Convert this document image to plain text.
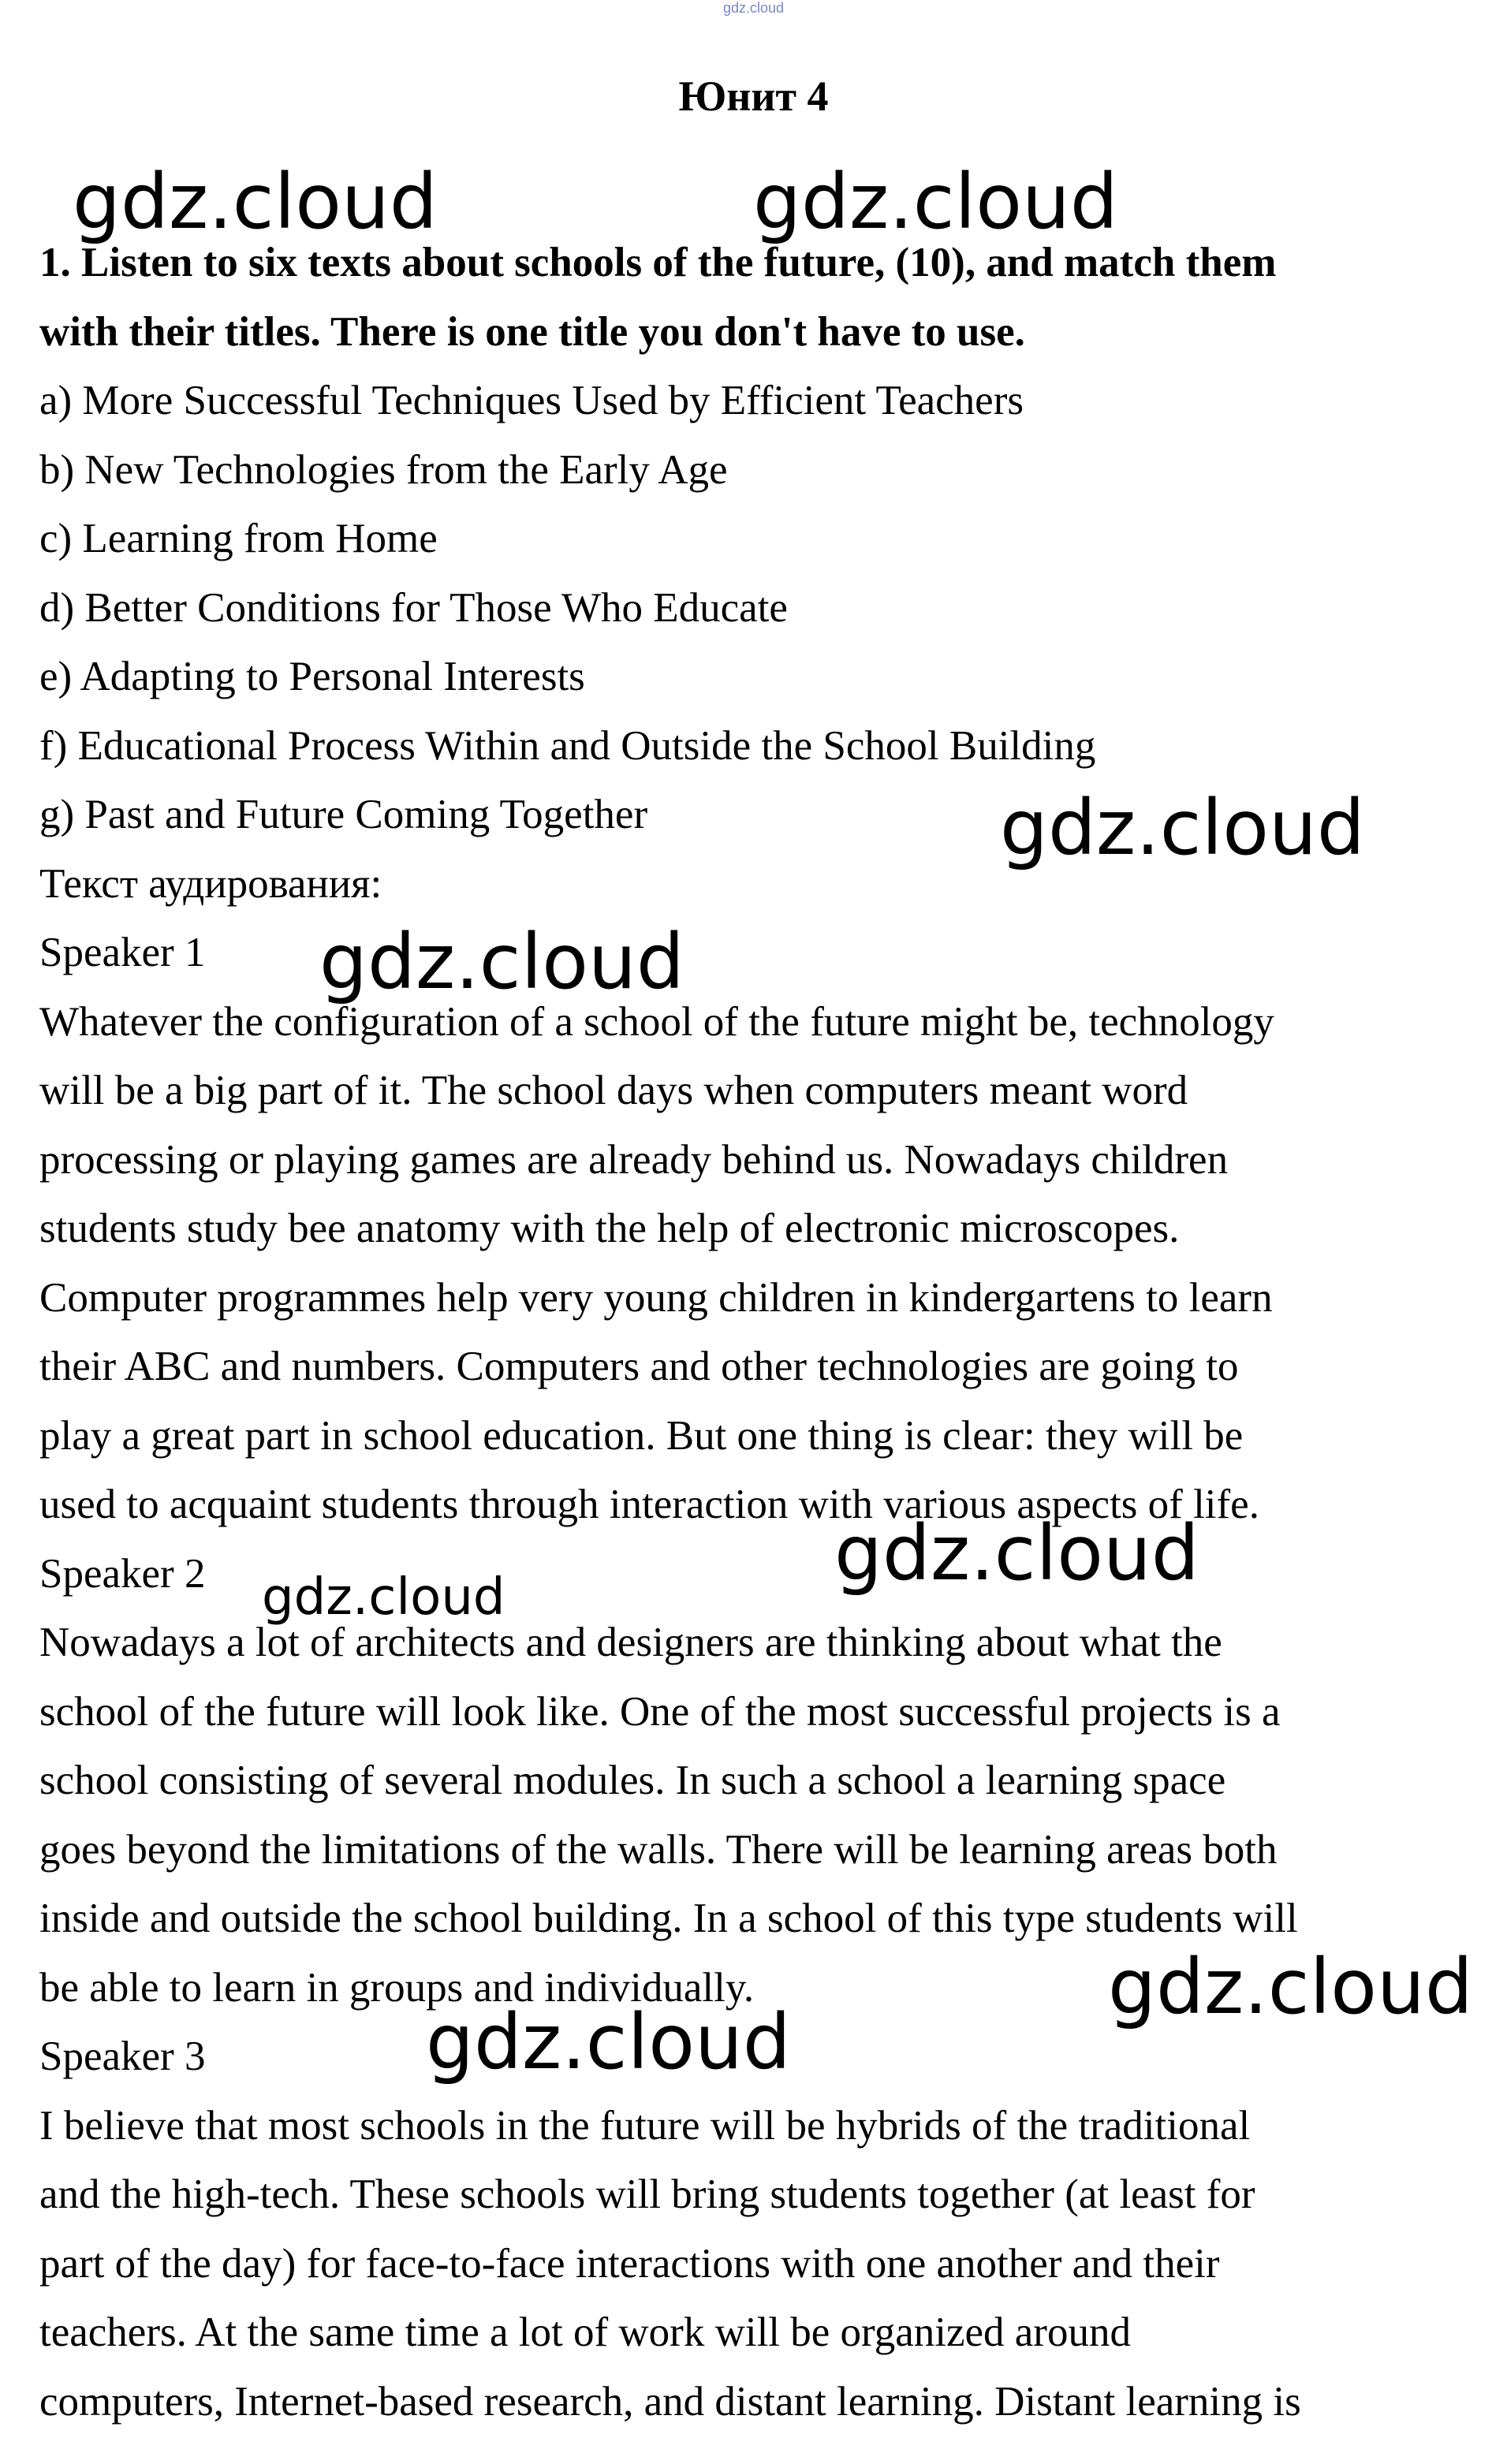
gdz.cloud
Юнит 4
1. Listen to six texts about schools of the future, (10), and match them
with their titles. There is one title you don't have to use.
a) More Successful Techniques Used by Efficient Teachers
b) New Technologies from the Early Age
c) Learning from Home
d) Better Conditions for Those Who Educate
e) Adapting to Personal Interests
f) Educational Process Within and Outside the School Building
g) Past and Future Coming Together
Текст аудирования:
Speaker 1
Whatever the configuration of a school of the future might be, technology
will be a big part of it. The school days when computers meant word
processing or playing games are already behind us. Nowadays children
students study bee anatomy with the help of electronic microscopes.
Computer programmes help very young children in kindergartens to learn
their ABC and numbers. Computers and other technologies are going to
play a great part in school education. But one thing is clear: they will be
used to acquaint students through interaction with various aspects of life.
Speaker 2
Nowadays a lot of architects and designers are thinking about what the
school of the future will look like. One of the most successful projects is a
school consisting of several modules. In such a school a learning space
goes beyond the limitations of the walls. There will be learning areas both
inside and outside the school building. In a school of this type students will
be able to learn in groups and individually.
Speaker 3
I believe that most schools in the future will be hybrids of the traditional
and the high-tech. These schools will bring students together (at least for
part of the day) for face-to-face interactions with one another and their
teachers. At the same time a lot of work will be organized around
computers, Internet-based research, and distant learning. Distant learning is
gdz.cloud	gdz.cloud
gdz.cloud
gdz.cloud
gdz.cloud
gdz.cloud
gdz.cloud
gdz.cloud
